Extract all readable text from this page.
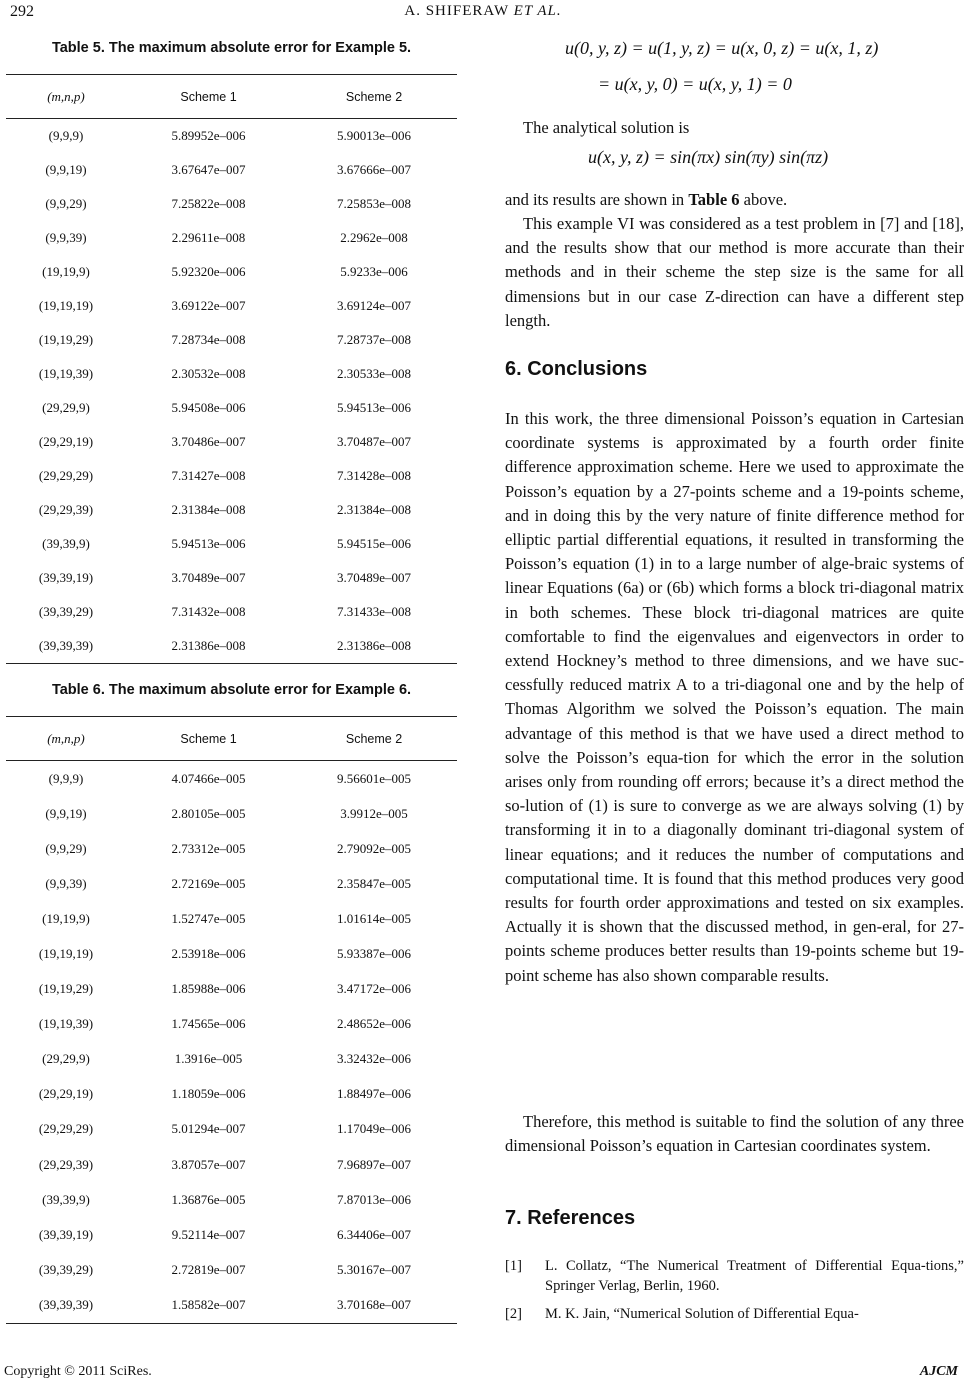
292	A. SHIFERAW ET AL.
Table 5. The maximum absolute error for Example 5.
(m,n,p)	Scheme 1	Scheme 2
(9,9,9)	5.89952e–006	5.90013e–006
(9,9,19)	3.67647e–007	3.67666e–007
(9,9,29)	7.25822e–008	7.25853e–008
(9,9,39)	2.29611e–008	2.2962e–008
(19,19,9)	5.92320e–006	5.9233e–006
(19,19,19)	3.69122e–007	3.69124e–007
(19,19,29)	7.28734e–008	7.28737e–008
(19,19,39)	2.30532e–008	2.30533e–008
(29,29,9)	5.94508e–006	5.94513e–006
(29,29,19)	3.70486e–007	3.70487e–007
(29,29,29)	7.31427e–008	7.31428e–008
(29,29,39)	2.31384e–008	2.31384e–008
(39,39,9)	5.94513e–006	5.94515e–006
(39,39,19)	3.70489e–007	3.70489e–007
(39,39,29)	7.31432e–008	7.31433e–008
(39,39,39)	2.31386e–008	2.31386e–008
Table 6. The maximum absolute error for Example 6.
(m,n,p)	Scheme 1	Scheme 2
(9,9,9)	4.07466e–005	9.56601e–005
(9,9,19)	2.80105e–005	3.9912e–005
(9,9,29)	2.73312e–005	2.79092e–005
(9,9,39)	2.72169e–005	2.35847e–005
(19,19,9)	1.52747e–005	1.01614e–005
(19,19,19)	2.53918e–006	5.93387e–006
(19,19,29)	1.85988e–006	3.47172e–006
(19,19,39)	1.74565e–006	2.48652e–006
(29,29,9)	1.3916e–005	3.32432e–006
(29,29,19)	1.18059e–006	1.88497e–006
(29,29,29)	5.01294e–007	1.17049e–006
(29,29,39)	3.87057e–007	7.96897e–007
(39,39,9)	1.36876e–005	7.87013e–006
(39,39,19)	9.52114e–007	6.34406e–007
(39,39,29)	2.72819e–007	5.30167e–007
(39,39,39)	1.58582e–007	3.70168e–007
u(0, y, z) = u(1, y, z) = u(x, 0, z) = u(x, 1, z)
= u(x, y, 0) = u(x, y, 1) = 0

The analytical solution is

u(x, y, z) = sin(πx) sin(πy) sin(πz)

and its results are shown in Table 6 above.

This example VI was considered as a test problem in [7] and [18], and the results show that our method is more accurate than their methods and in their scheme the step size is the same for all dimensions but in our case Z-direction can have a different step length.

6. Conclusions

In this work, the three dimensional Poisson’s equation in Cartesian coordinate systems is approximated by a fourth order finite difference approximation scheme. Here we used to approximate the Poisson’s equation by a 27-points scheme and a 19-points scheme, and in doing this by the very nature of finite difference method for elliptic partial differential equations, it resulted in transforming the Poisson’s equation (1) in to a large number of alge-braic systems of linear Equations (6a) or (6b) which forms a block tri-diagonal matrix in both schemes. These block tri-diagonal matrices are quite comfortable to find the eigenvalues and eigenvectors in order to extend Hockney’s method to three dimensions, and we have suc-cessfully reduced matrix A to a tri-diagonal one and by the help of Thomas Algorithm we solved the Poisson’s equation. The main advantage of this method is that we have used a direct method to solve the Poisson’s equa-tion for which the error in the solution arises only from rounding off errors; because it’s a direct method the so-lution of (1) is sure to converge as we are always solving (1) by transforming it in to a diagonally dominant tri-diagonal system of linear equations; and it reduces the number of computations and computational time. It is found that this method produces very good results for fourth order approximations and tested on six examples. Actually it is shown that the discussed method, in gen-eral, for 27-points scheme produces better results than 19-points scheme but 19-point scheme has also shown comparable results.

Therefore, this method is suitable to find the solution of any three dimensional Poisson’s equation in Cartesian coordinates system.

7. References
[1] L. Collatz, “The Numerical Treatment of Differential Equa-tions,” Springer Verlag, Berlin, 1960.
[2] M. K. Jain, “Numerical Solution of Differential Equa-
Copyright © 2011 SciRes.	AJCM
